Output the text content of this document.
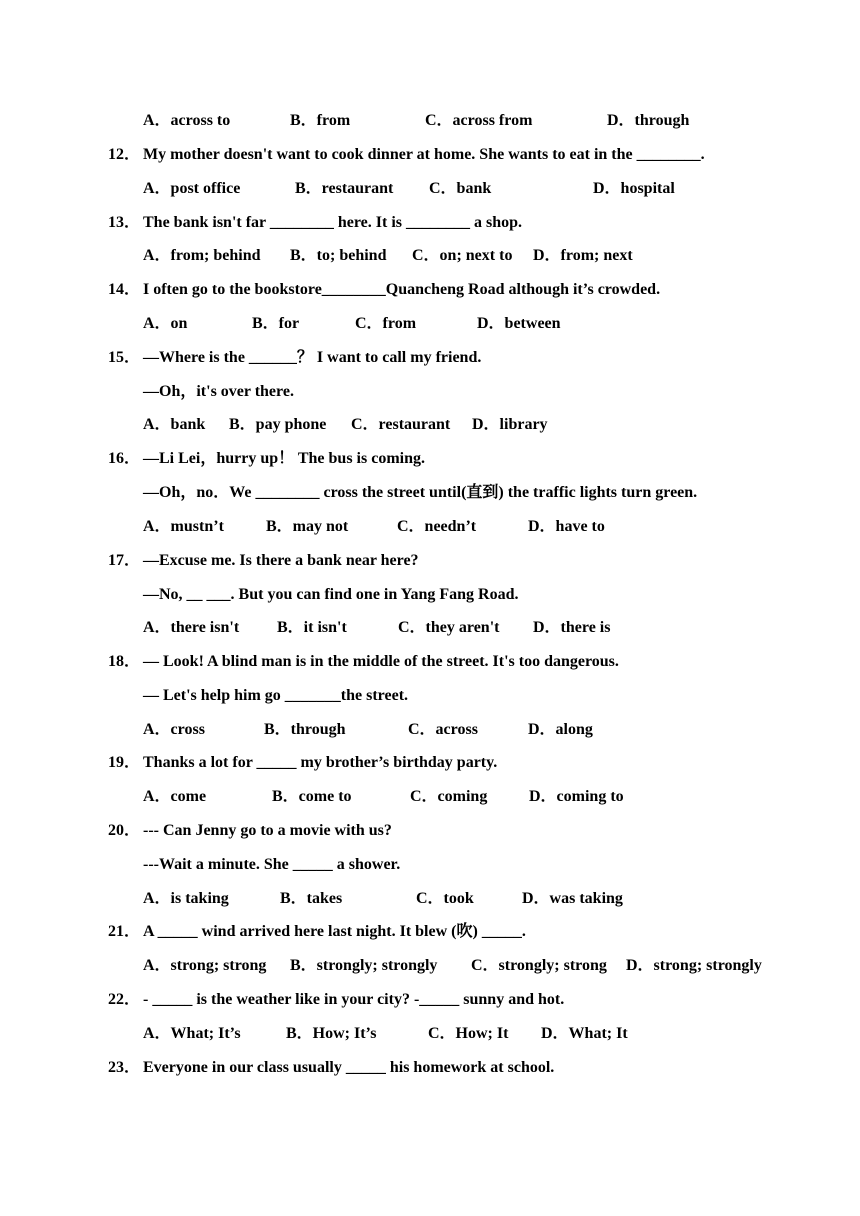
A．across to	B．from	C．across from	D．through
12． My mother doesn't want to cook dinner at home. She wants to eat in the ________.
A．post office	B．restaurant C．bank	D．hospital
13． The bank isn't far ________ here. It is ________ a shop.
A．from; behind B．to; behind C．on; next to D．from; next
14． I often go to the bookstore________Quancheng Road although it’s crowded.
A．on	B．for	C．from	D．between
15． —Where is the ______？ I want to call my friend.
—Oh，it's over there.
A．bank B．pay phone C．restaurant D．library
16． —Li Lei，hurry up！ The bus is coming.
—Oh，no．We ________ cross the street until(直到) the traffic lights turn green.
A．mustn’t	B．may not	C．needn’t	D．have to
17． —Excuse me. Is there a bank near here?
—No, __ ___. But you can find one in Yang Fang Road.
A．there isn't B．it isn't	C．they aren't D．there is
18． — Look! A blind man is in the middle of the street. It's too dangerous.
— Let's help him go _______the street.
A．cross	B．through	C．across	D．along
19． Thanks a lot for _____ my brother’s birthday party.
A．come	B．come to	C．coming	D．coming to
20． --- Can Jenny go to a movie with us?
---Wait a minute. She _____ a shower.
A．is taking	B．takes	C．took	D．was taking
21． A _____ wind arrived here last night. It blew (吹) _____.
A．strong; strong B．strongly; strongly C．strongly; strong D．strong; strongly
22． - _____ is the weather like in your city? -_____ sunny and hot.
A．What; It’s	B．How; It’s	C．How; It D．What; It
23． Everyone in our class usually _____ his homework at school.
